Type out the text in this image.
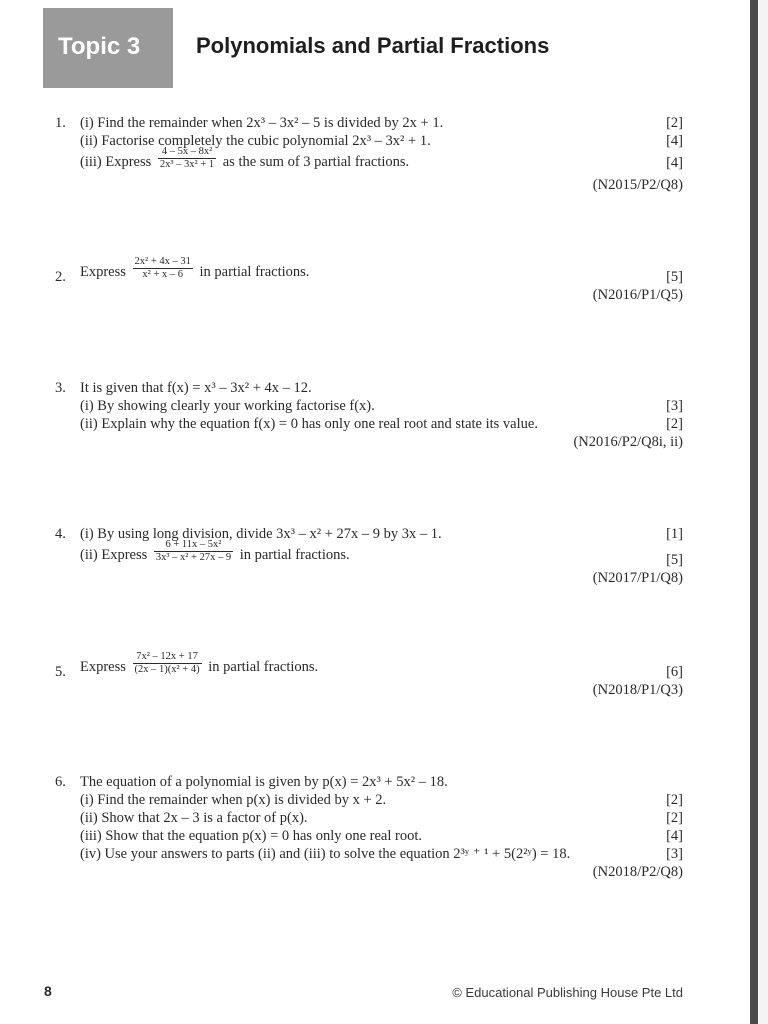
Topic 3	Polynomials and Partial Fractions
1. (i) Find the remainder when 2x³ – 3x² – 5 is divided by 2x + 1.	[2]
(ii) Factorise completely the cubic polynomial 2x³ – 3x² + 1.	[4]
(iii) Express $\frac{\text{4 – 5x – 8x²}}{\text{2x³ – 3x² + 1}}$ as the sum of 3 partial fractions.	[4]
(N2015/P2/Q8)
2. Express $\frac{\text{2x² + 4x – 31}}{\text{x² + x – 6}}$ in partial fractions.	[5]
(N2016/P1/Q5)
3. It is given that f(x) = x³ – 3x² + 4x – 12.
(i) By showing clearly your working factorise f(x).	[3]
(ii) Explain why the equation f(x) = 0 has only one real root and state its value.	[2]
(N2016/P2/Q8i, ii)
4. (i) By using long division, divide 3x³ – x² + 27x – 9 by 3x – 1.	[1]
(ii) Express $\frac{\text{6 + 11x – 5x²}}{\text{3x³ – x² + 27x – 9}}$ in partial fractions.	[5]
(N2017/P1/Q8)
5. Express $\frac{\text{7x² – 12x + 17}}{\text{(2x – 1)(x² + 4)}}$ in partial fractions.	[6]
(N2018/P1/Q3)
6. The equation of a polynomial is given by p(x) = 2x³ + 5x² – 18.
(i) Find the remainder when p(x) is divided by x + 2.	[2]
(ii) Show that 2x – 3 is a factor of p(x).	[2]
(iii) Show that the equation p(x) = 0 has only one real root.	[4]
(iv) Use your answers to parts (ii) and (iii) to solve the equation 2³ʸ ⁺ ¹ + 5(2²ʸ) = 18.	[3]
(N2018/P2/Q8)
8	© Educational Publishing House Pte Ltd
